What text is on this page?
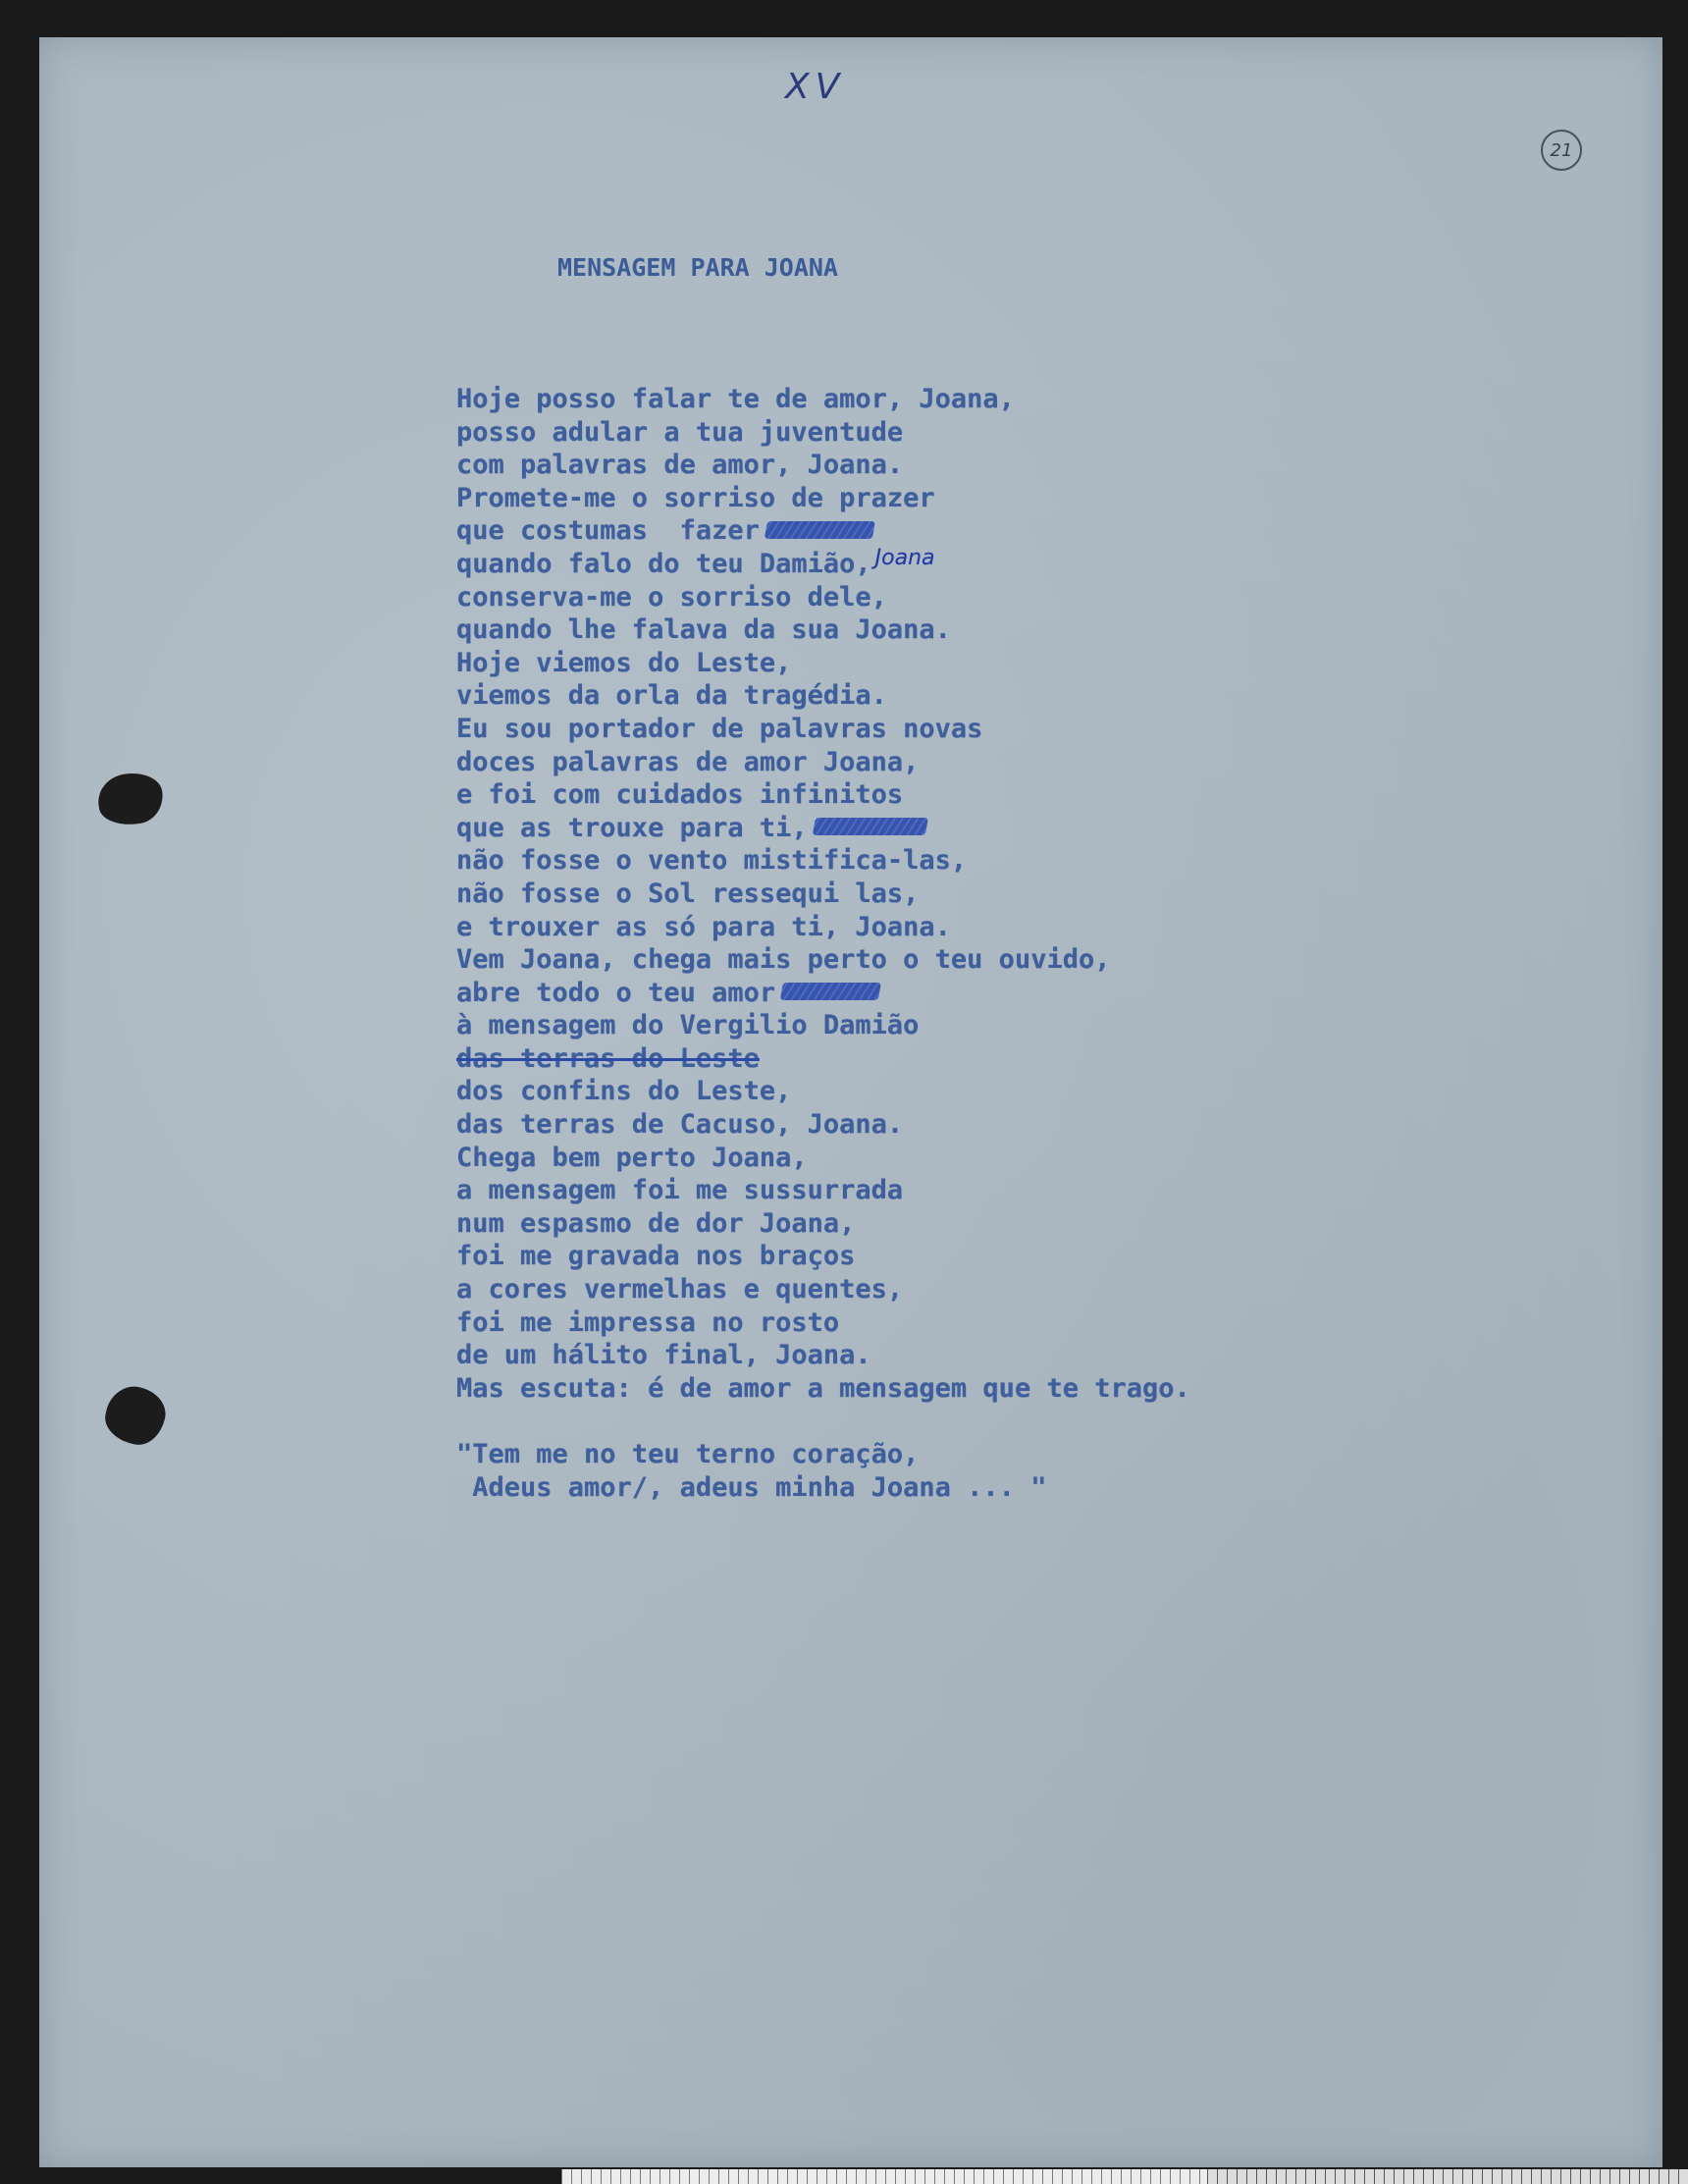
XV
21
MENSAGEM PARA JOANA
Hoje posso falar te de amor, Joana,
posso adular a tua juventude
com palavras de amor, Joana.
Promete-me o sorriso de prazer
que costumas  fazer
quando falo do teu Damião, $^{Joana}$
conserva-me o sorriso dele,
quando lhe falava da sua Joana.
Hoje viemos do Leste,
viemos da orla da tragédia.
Eu sou portador de palavras novas
doces palavras de amor Joana,
e foi com cuidados infinitos
que as trouxe para ti,
não fosse o vento mistifica-las,
não fosse o Sol ressequi las,
e trouxer as só para ti, Joana.
Vem Joana, chega mais perto o teu ouvido,
abre todo o teu amor
à mensagem do Vergilio Damião
das terras do Leste
dos confins do Leste,
das terras de Cacuso, Joana.
Chega bem perto Joana,
a mensagem foi me sussurrada
num espasmo de dor Joana,
foi me gravada nos braços
a cores vermelhas e quentes,
foi me impressa no rosto
de um hálito final, Joana.
Mas escuta: é de amor a mensagem que te trago.
"Tem me no teu terno coração,
Adeus amor/, adeus minha Joana ... "
